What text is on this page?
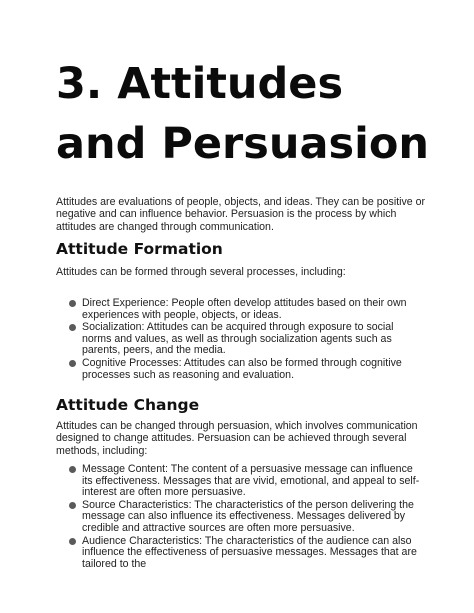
3. Attitudes and Persuasion

Attitudes are evaluations of people, objects, and ideas. They can be positive or negative and can influence behavior. Persuasion is the process by which attitudes are changed through communication.

Attitude Formation

Attitudes can be formed through several processes, including:

Direct Experience: People often develop attitudes based on their own experiences with people, objects, or ideas.
Socialization: Attitudes can be acquired through exposure to social norms and values, as well as through socialization agents such as parents, peers, and the media.
Cognitive Processes: Attitudes can also be formed through cognitive processes such as reasoning and evaluation.
Attitude Change

Attitudes can be changed through persuasion, which involves communication designed to change attitudes. Persuasion can be achieved through several methods, including:

Message Content: The content of a persuasive message can influence its effectiveness. Messages that are vivid, emotional, and appeal to self-interest are often more persuasive.
Source Characteristics: The characteristics of the person delivering the message can also influence its effectiveness. Messages delivered by credible and attractive sources are often more persuasive.
Audience Characteristics: The characteristics of the audience can also influence the effectiveness of persuasive messages. Messages that are tailored to the
